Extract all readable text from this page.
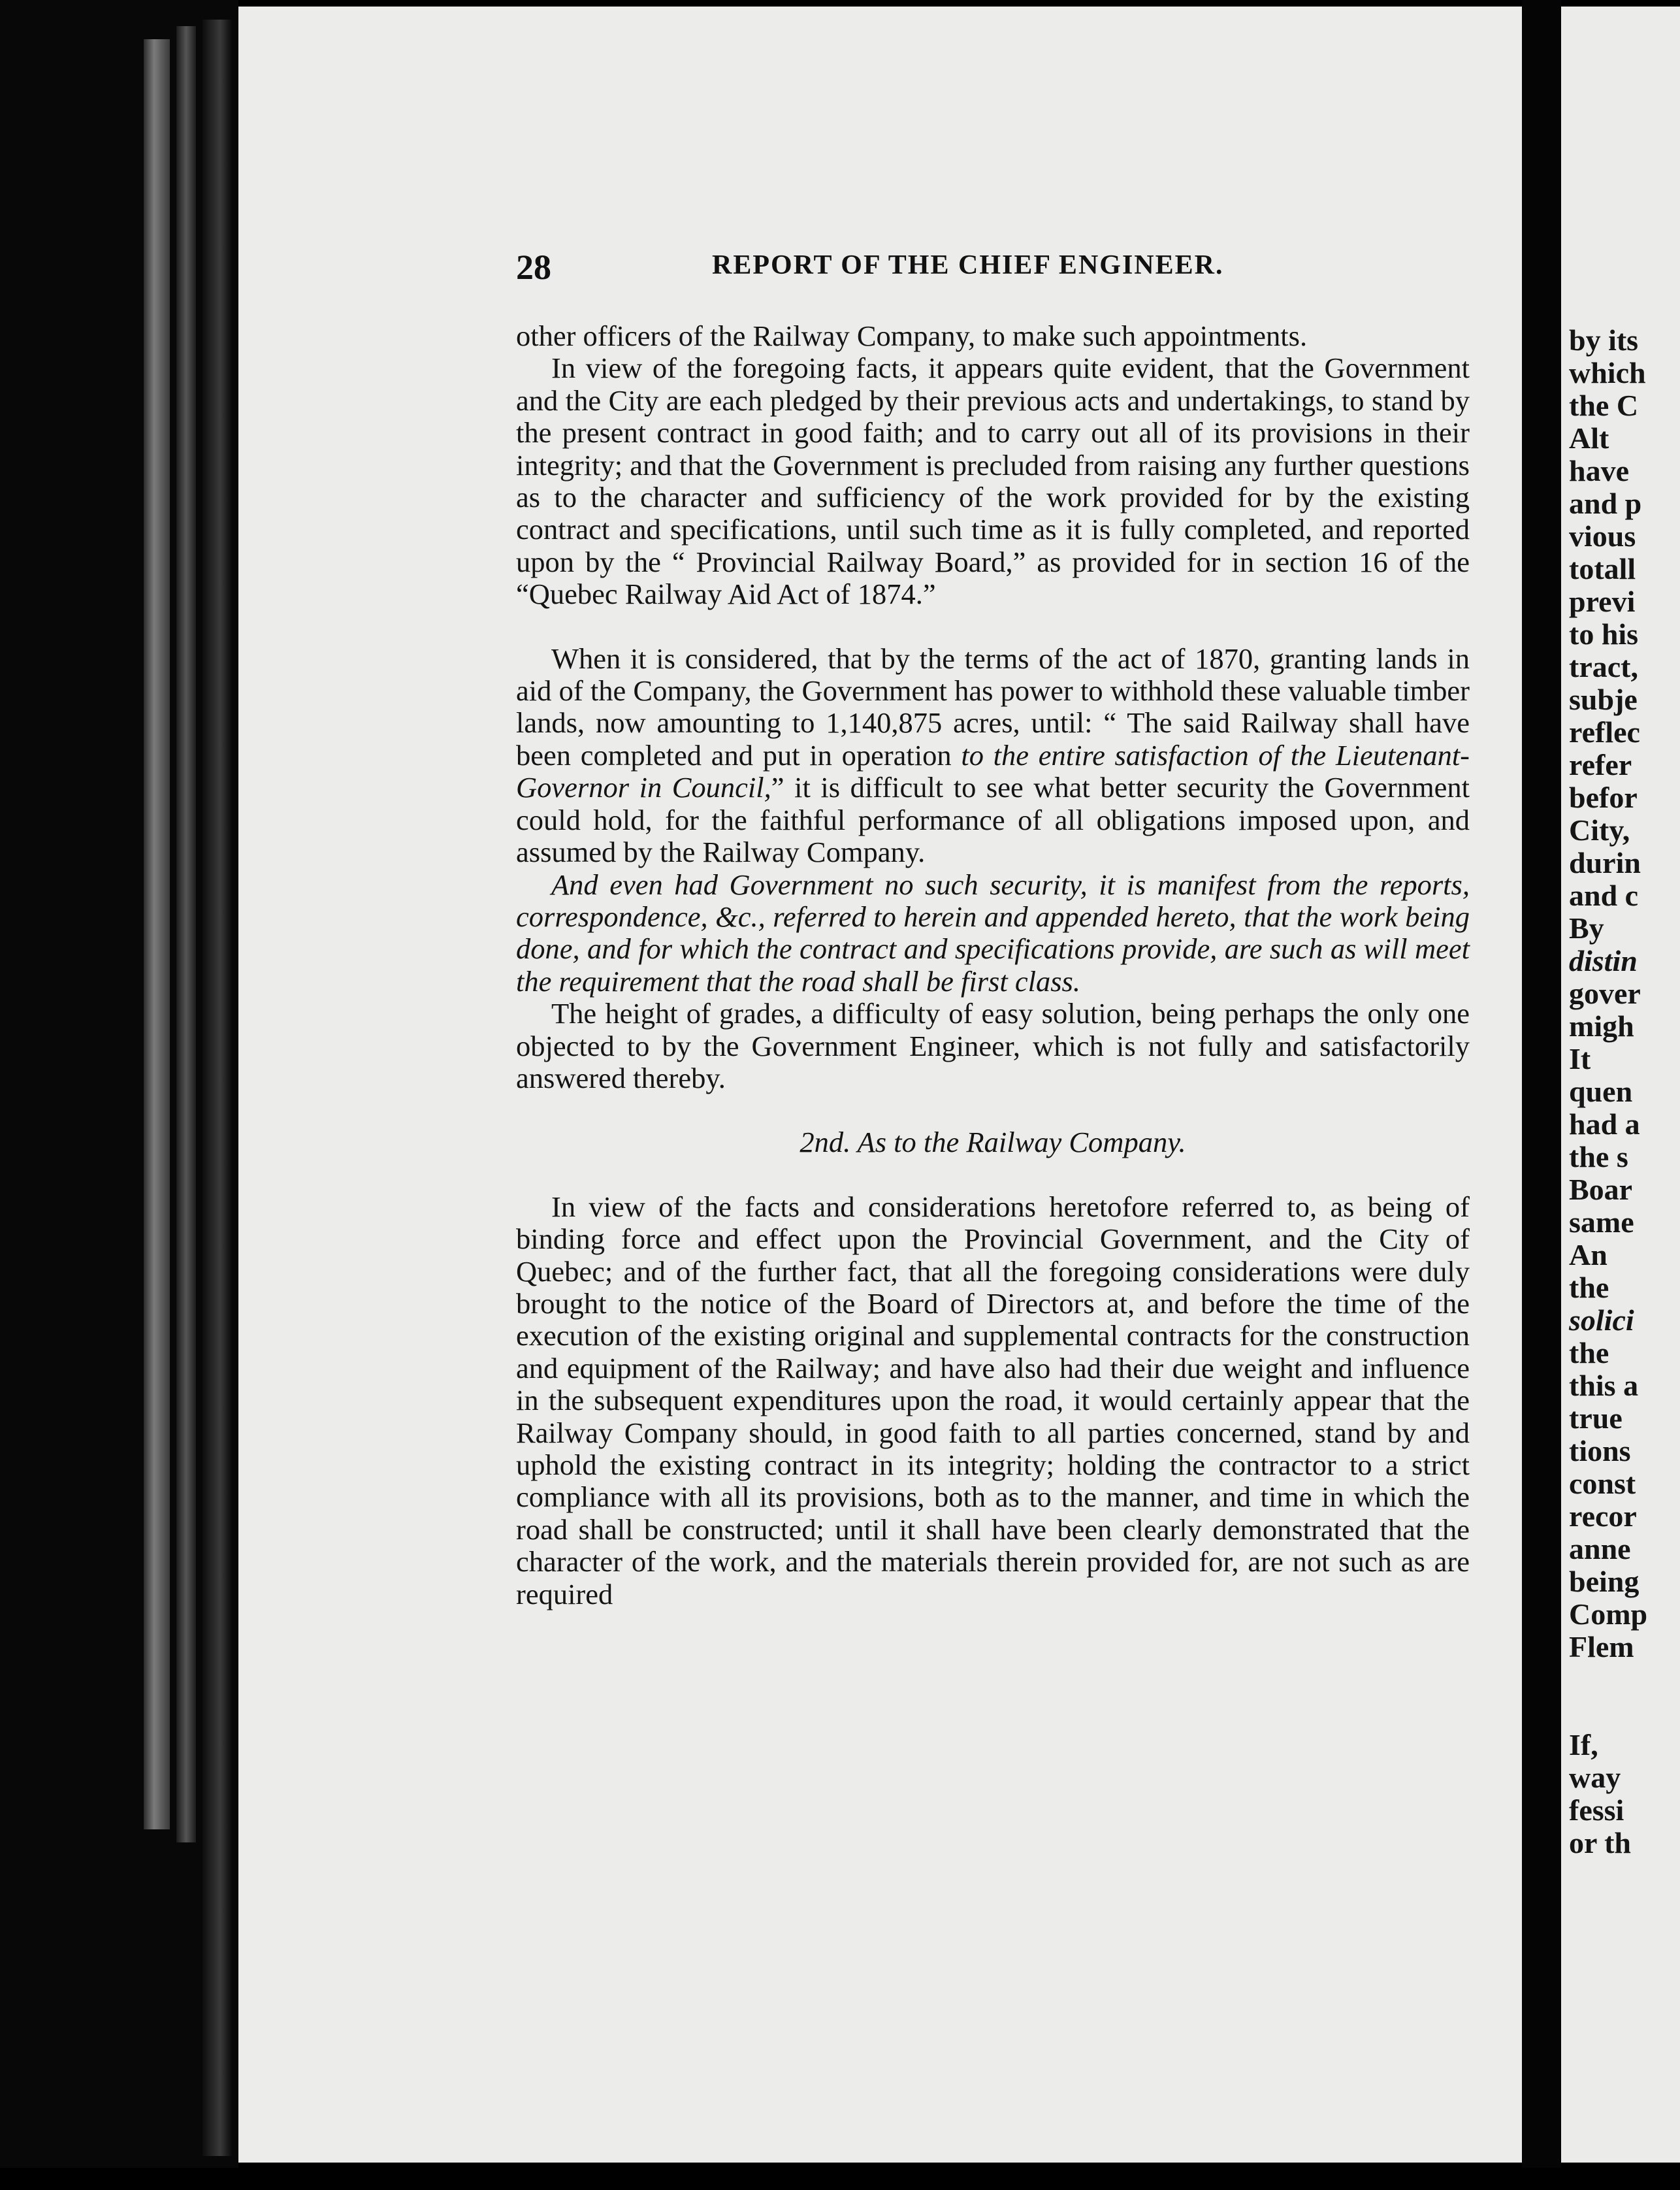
28	REPORT OF THE CHIEF ENGINEER.

other officers of the Railway Company, to make such appointments.

In view of the foregoing facts, it appears quite evident, that the Government and the City are each pledged by their previous acts and undertakings, to stand by the present contract in good faith; and to carry out all of its provisions in their integrity; and that the Government is precluded from raising any further questions as to the character and sufficiency of the work provided for by the existing contract and specifications, until such time as it is fully completed, and reported upon by the “ Provincial Railway Board,” as provided for in section 16 of the “Quebec Railway Aid Act of 1874.”

When it is considered, that by the terms of the act of 1870, granting lands in aid of the Company, the Government has power to withhold these valuable timber lands, now amounting to 1,140,875 acres, until: “ The said Railway shall have been completed and put in operation to the entire satisfaction of the Lieutenant-Governor in Council,” it is difficult to see what better security the Government could hold, for the faithful performance of all obligations imposed upon, and assumed by the Railway Company.

And even had Government no such security, it is manifest from the reports, correspondence, &c., referred to herein and appended hereto, that the work being done, and for which the contract and specifications provide, are such as will meet the requirement that the road shall be first class.

The height of grades, a difficulty of easy solution, being perhaps the only one objected to by the Government Engineer, which is not fully and satisfactorily answered thereby.

2nd. As to the Railway Company.

In view of the facts and considerations heretofore referred to, as being of binding force and effect upon the Provincial Government, and the City of Quebec; and of the further fact, that all the foregoing considerations were duly brought to the notice of the Board of Directors at, and before the time of the execution of the existing original and supplemental contracts for the construction and equipment of the Railway; and have also had their due weight and influence in the subsequent expenditures upon the road, it would certainly appear that the Railway Company should, in good faith to all parties concerned, stand by and uphold the existing contract in its integrity; holding the contractor to a strict compliance with all its provisions, both as to the manner, and time in which the road shall be constructed; until it shall have been clearly demonstrated that the character of the work, and the materials therein provided for, are not such as are required

by its
which
the C
Alt
have
and p
vious
totall
previ
to his
tract,
subje
reflec
refer
befor
City,
durin
and c
By
distin
gover
migh
It
quen
had a
the s
Boar
same
An
the
solici
the
this a
true
tions
const
recor
anne
being
Comp
Flem
If,
way
fessi
or th
